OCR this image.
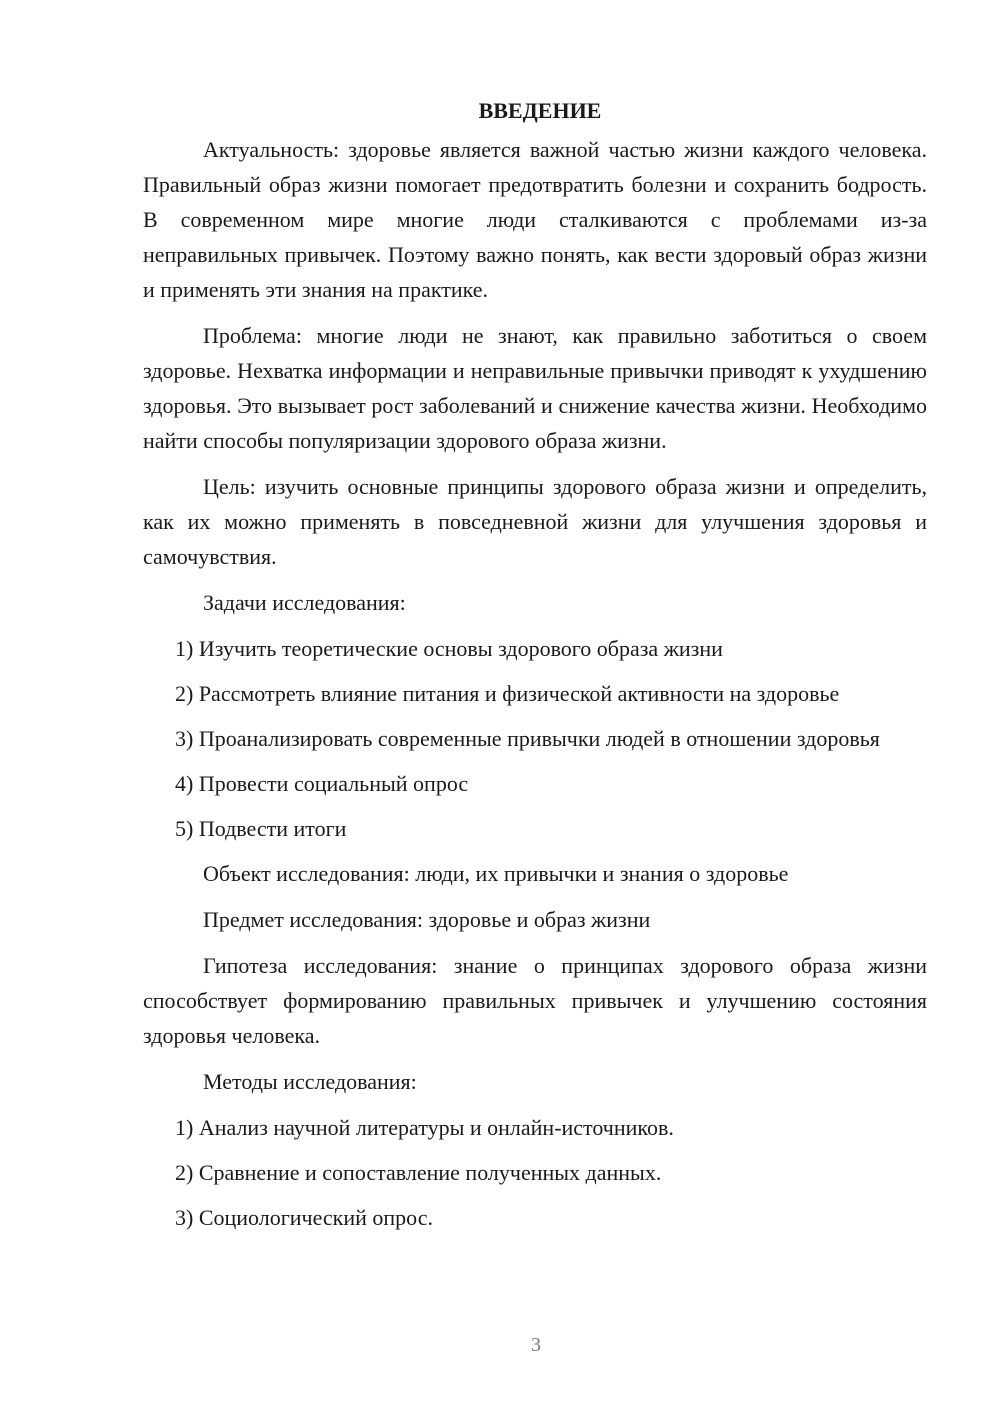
ВВЕДЕНИЕ

Актуальность: здоровье является важной частью жизни каждого человека. Правильный образ жизни помогает предотвратить болезни и сохранить бодрость. В современном мире многие люди сталкиваются с проблемами из-за неправильных привычек. Поэтому важно понять, как вести здоровый образ жизни и применять эти знания на практике.

Проблема: многие люди не знают, как правильно заботиться о своем здоровье. Нехватка информации и неправильные привычки приводят к ухудшению здоровья. Это вызывает рост заболеваний и снижение качества жизни. Необходимо найти способы популяризации здорового образа жизни.

Цель: изучить основные принципы здорового образа жизни и определить, как их можно применять в повседневной жизни для улучшения здоровья и самочувствия.

Задачи исследования:

1) Изучить теоретические основы здорового образа жизни

2) Рассмотреть влияние питания и физической активности на здоровье

3) Проанализировать современные привычки людей в отношении здоровья

4) Провести социальный опрос

5) Подвести итоги

Объект исследования: люди, их привычки и знания о здоровье

Предмет исследования: здоровье и образ жизни

Гипотеза исследования: знание о принципах здорового образа жизни способствует формированию правильных привычек и улучшению состояния здоровья человека.

Методы исследования:

1) Анализ научной литературы и онлайн-источников.

2) Сравнение и сопоставление полученных данных.

3) Социологический опрос.

3
